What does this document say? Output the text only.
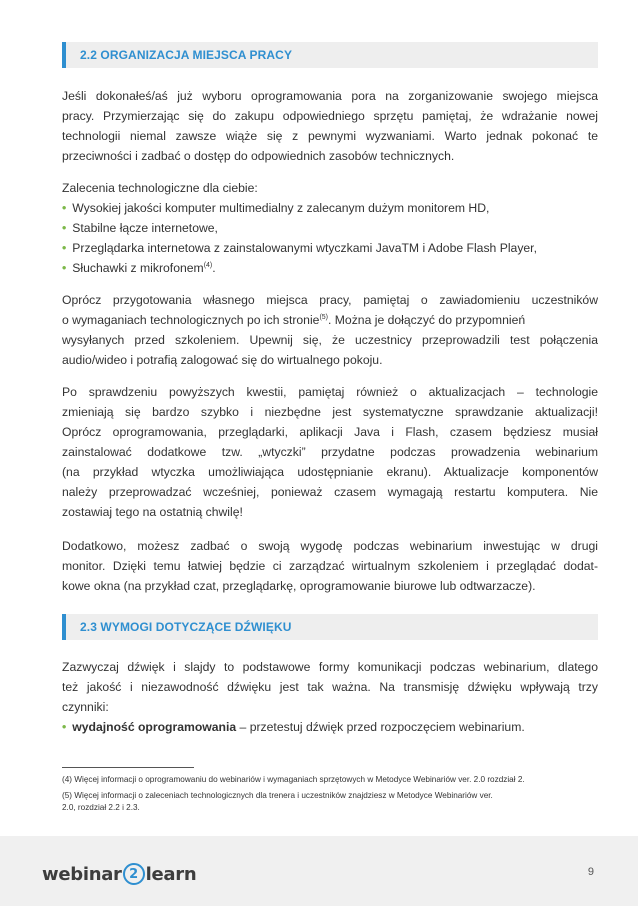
2.2 ORGANIZACJA MIEJSCA PRACY
Jeśli dokonałeś/aś już wyboru oprogramowania pora na zorganizowanie swojego miejsca
pracy. Przymierzając się do zakupu odpowiedniego sprzętu pamiętaj, że wdrażanie nowej
technologii niemal zawsze wiąże się z pewnymi wyzwaniami. Warto jednak pokonać te
przeciwności i zadbać o dostęp do odpowiednich zasobów technicznych.
Zalecenia technologiczne dla ciebie:
• Wysokiej jakości komputer multimedialny z zalecanym dużym monitorem HD,
• Stabilne łącze internetowe,
• Przeglądarka internetowa z zainstalowanymi wtyczkami JavaTM i Adobe Flash Player,
• Słuchawki z mikrofonem$^{(4)}$.
Oprócz przygotowania własnego miejsca pracy, pamiętaj o zawiadomieniu uczestników
o wymaganiach technologicznych po ich stronie$^{(5)}$. Można je dołączyć do przypomnień
wysyłanych przed szkoleniem. Upewnij się, że uczestnicy przeprowadzili test połączenia
audio/wideo i potrafią zalogować się do wirtualnego pokoju.
Po sprawdzeniu powyższych kwestii, pamiętaj również o aktualizacjach – technologie
zmieniają się bardzo szybko i niezbędne jest systematyczne sprawdzanie aktualizacji!
Oprócz oprogramowania, przeglądarki, aplikacji Java i Flash, czasem będziesz musiał
zainstalować dodatkowe tzw. „wtyczki” przydatne podczas prowadzenia webinarium
(na przykład wtyczka umożliwiająca udostępnianie ekranu). Aktualizacje komponentów
należy przeprowadzać wcześniej, ponieważ czasem wymagają restartu komputera. Nie
zostawiaj tego na ostatnią chwilę!
Dodatkowo, możesz zadbać o swoją wygodę podczas webinarium inwestując w drugi
monitor. Dzięki temu łatwiej będzie ci zarządzać wirtualnym szkoleniem i przeglądać dodat-
kowe okna (na przykład czat, przeglądarkę, oprogramowanie biurowe lub odtwarzacze).
2.3 WYMOGI DOTYCZĄCE DŹWIĘKU
Zazwyczaj dźwięk i slajdy to podstawowe formy komunikacji podczas webinarium, dlatego
też jakość i niezawodność dźwięku jest tak ważna. Na transmisję dźwięku wpływają trzy
czynniki:
• wydajność oprogramowania – przetestuj dźwięk przed rozpoczęciem webinarium.
(4) Więcej informacji o oprogramowaniu do webinariów i wymaganiach sprzętowych w Metodyce Webinariów ver. 2.0 rozdział 2.
(5) Więcej informacji o zaleceniach technologicznych dla trenera i uczestników znajdziesz w Metodyce Webinariów ver.
2.0, rozdział 2.2 i 2.3.
webinar 2 learn	9
